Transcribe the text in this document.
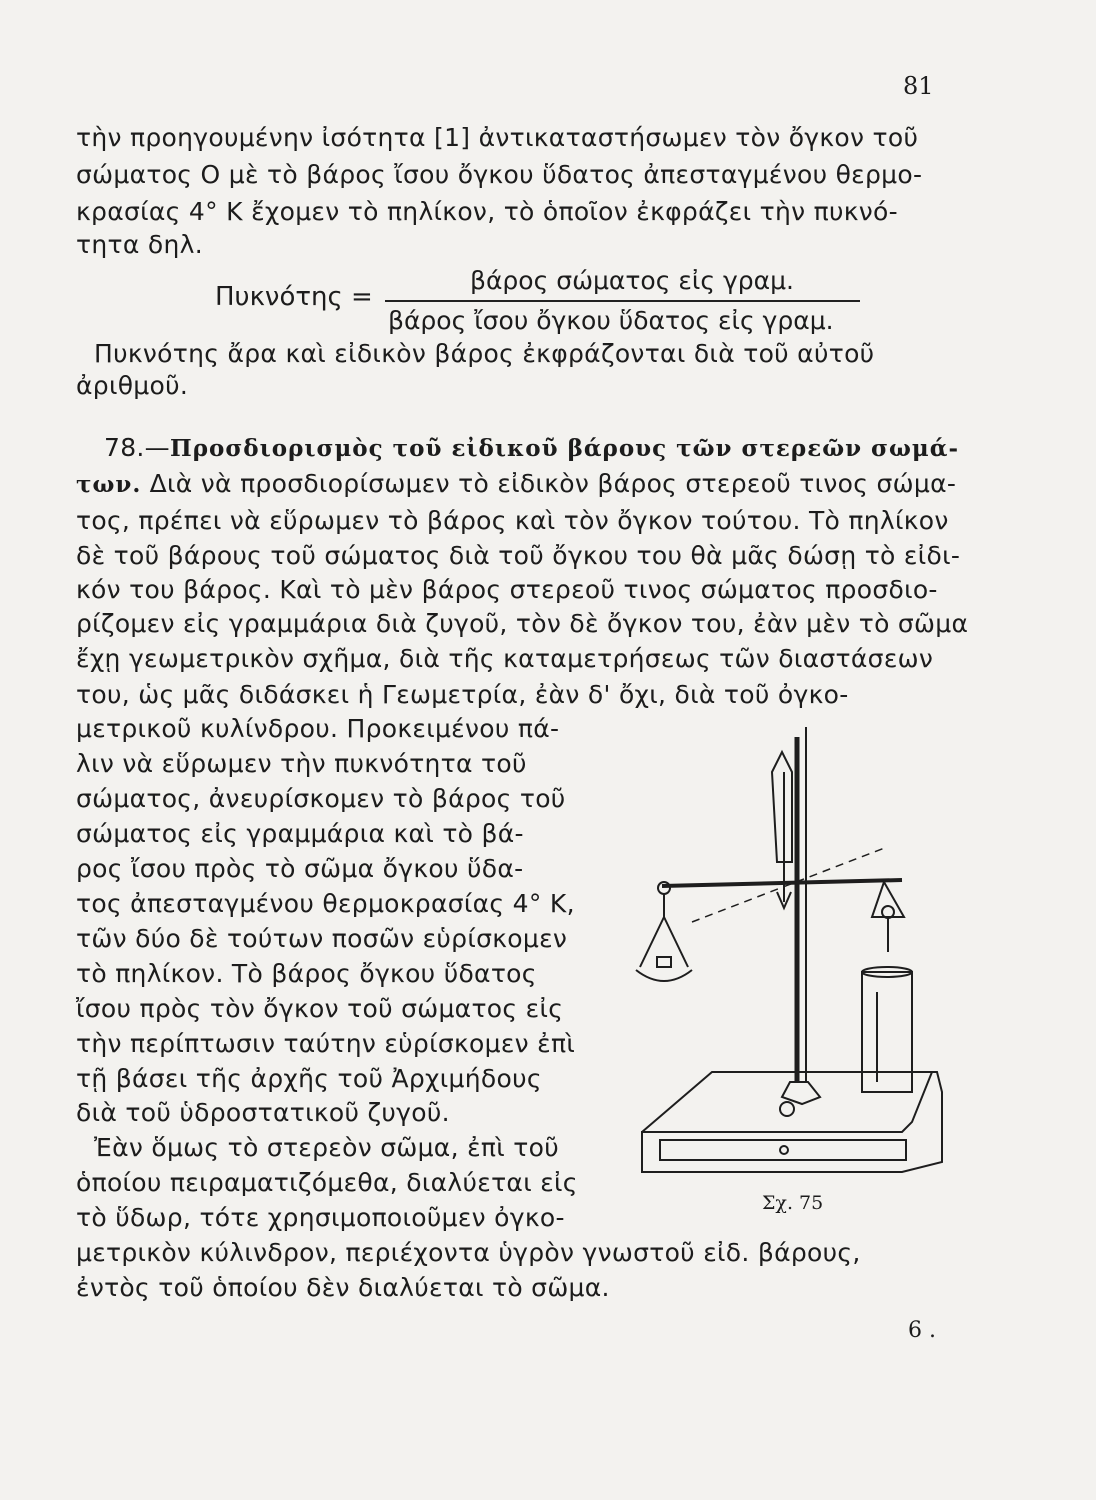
81
τὴν προηγουμένην ἰσότητα [1] ἀντικαταστήσωμεν τὸν ὄγκον τοῦ
σώματος Ο μὲ τὸ βάρος ἴσου ὄγκου ὕδατος ἀπεσταγμένου θερμο-
κρασίας 4° Κ ἔχομεν τὸ πηλίκον, τὸ ὁποῖον ἐκφράζει τὴν πυκνό-
τητα δηλ.
Πυκνότης =
βάρος σώματος εἰς γραμ.
βάρος ἴσου ὄγκου ὕδατος εἰς γραμ.
Πυκνότης ἄρα καὶ εἰδικὸν βάρος ἐκφράζονται διὰ τοῦ αὐτοῦ
ἀριθμοῦ.
78.—Προσδιορισμὸς τοῦ εἰδικοῦ βάρους τῶν στερεῶν σωμά-
των. Διὰ νὰ προσδιορίσωμεν τὸ εἰδικὸν βάρος στερεοῦ τινος σώμα-
τος, πρέπει νὰ εὕρωμεν τὸ βάρος καὶ τὸν ὄγκον τούτου. Τὸ πηλίκον
δὲ τοῦ βάρους τοῦ σώματος διὰ τοῦ ὄγκου του θὰ μᾶς δώσῃ τὸ εἰδι-
κόν του βάρος. Καὶ τὸ μὲν βάρος στερεοῦ τινος σώματος προσδιο-
ρίζομεν εἰς γραμμάρια διὰ ζυγοῦ, τὸν δὲ ὄγκον του, ἐὰν μὲν τὸ σῶμα
ἔχῃ γεωμετρικὸν σχῆμα, διὰ τῆς καταμετρήσεως τῶν διαστάσεων
του, ὡς μᾶς διδάσκει ἡ Γεωμετρία, ἐὰν δ' ὄχι, διὰ τοῦ ὀγκο-
μετρικοῦ κυλίνδρου. Προκειμένου πά-
λιν νὰ εὕρωμεν τὴν πυκνότητα τοῦ
σώματος, ἀνευρίσκομεν τὸ βάρος τοῦ
σώματος εἰς γραμμάρια καὶ τὸ βά-
ρος ἴσου πρὸς τὸ σῶμα ὄγκου ὕδα-
τος ἀπεσταγμένου θερμοκρασίας 4° Κ,
τῶν δύο δὲ τούτων ποσῶν εὑρίσκομεν
τὸ πηλίκον. Τὸ βάρος ὄγκου ὕδατος
ἴσου πρὸς τὸν ὄγκον τοῦ σώματος εἰς
τὴν περίπτωσιν ταύτην εὑρίσκομεν ἐπὶ
τῇ βάσει τῆς ἀρχῆς τοῦ Ἀρχιμήδους
διὰ τοῦ ὑδροστατικοῦ ζυγοῦ.
Ἐὰν ὅμως τὸ στερεὸν σῶμα, ἐπὶ τοῦ
ὁποίου πειραματιζόμεθα, διαλύεται εἰς
τὸ ὕδωρ, τότε χρησιμοποιοῦμεν ὀγκο-
μετρικὸν κύλινδρον, περιέχοντα ὑγρὸν γνωστοῦ εἰδ. βάρους,
ἐντὸς τοῦ ὁποίου δὲν διαλύεται τὸ σῶμα.
6 .
Σχ. 75
